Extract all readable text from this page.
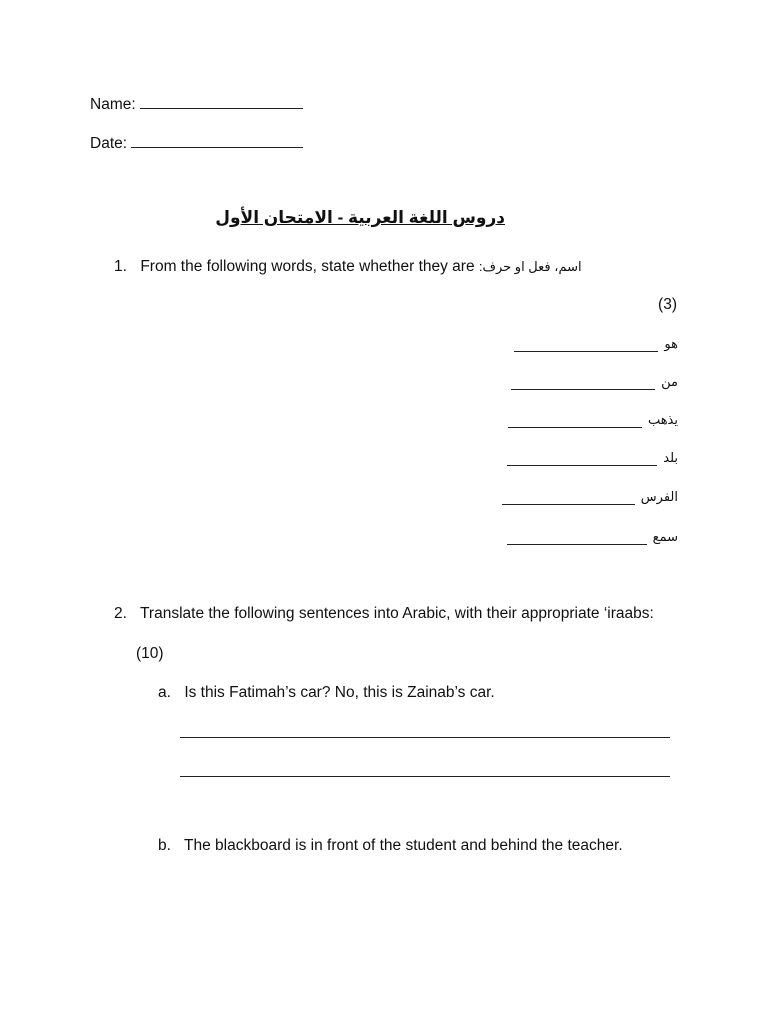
Name:
Date:
دروس اللغة العربية - الامتحان الأول
1. From the following words, state whether they are اسم، فعل او حرف:
(3)
هو
من
يذهب
بلد
الفرس
سمع
2. Translate the following sentences into Arabic, with their appropriate ‘iraabs:
(10)
a. Is this Fatimah’s car? No, this is Zainab’s car.
b. The blackboard is in front of the student and behind the teacher.
